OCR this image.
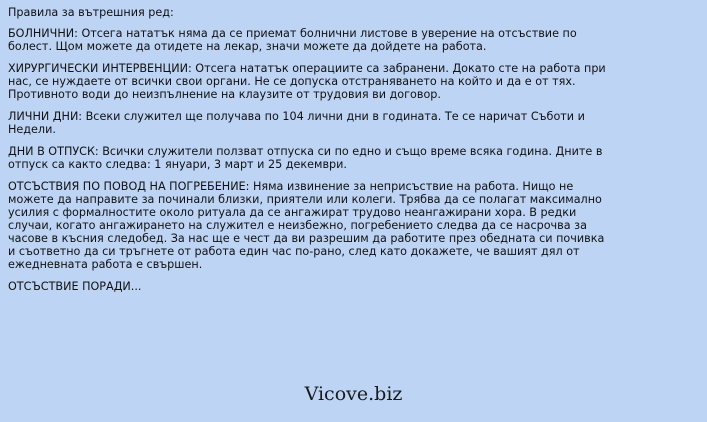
Правила за вътрешния ред:

БОЛНИЧНИ: Отсега нататък няма да се приемат болнични листове в уверение на отсъствие по болест. Щом можете да отидете на лекар, значи можете да дойдете на работа.

ХИРУРГИЧЕСКИ ИНТЕРВЕНЦИИ: Отсега нататък операциите са забранени. Докато сте на работа при нас, се нуждаете от всички свои органи. Не се допуска отстраняването на който и да е от тях. Противното води до неизпълнение на клаузите от трудовия ви договор.

ЛИЧНИ ДНИ: Всеки служител ще получава по 104 лични дни в годината. Те се наричат Съботи и Недели.

ДНИ В ОТПУСК: Всички служители ползват отпуска си по едно и също време всяка година. Дните в отпуск са както следва: 1 януари, 3 март и 25 декември.

ОТСЪСТВИЯ ПО ПОВОД НА ПОГРЕБЕНИЕ: Няма извинение за неприсъствие на работа. Нищо не можете да направите за починали близки, приятели или колеги. Трябва да се полагат максимално усилия с формалностите около ритуала да се ангажират трудово неангажирани хора. В редки случаи, когато ангажирането на служител е неизбежно, погребението следва да се насрочва за часове в късния следобед. За нас ще е чест да ви разрешим да работите през обедната си почивка и съответно да си тръгнете от работа един час по-рано, след като докажете, че вашият дял от ежедневната работа е свършен.

ОТСЪСТВИЕ ПОРАДИ...

Vicove.biz
